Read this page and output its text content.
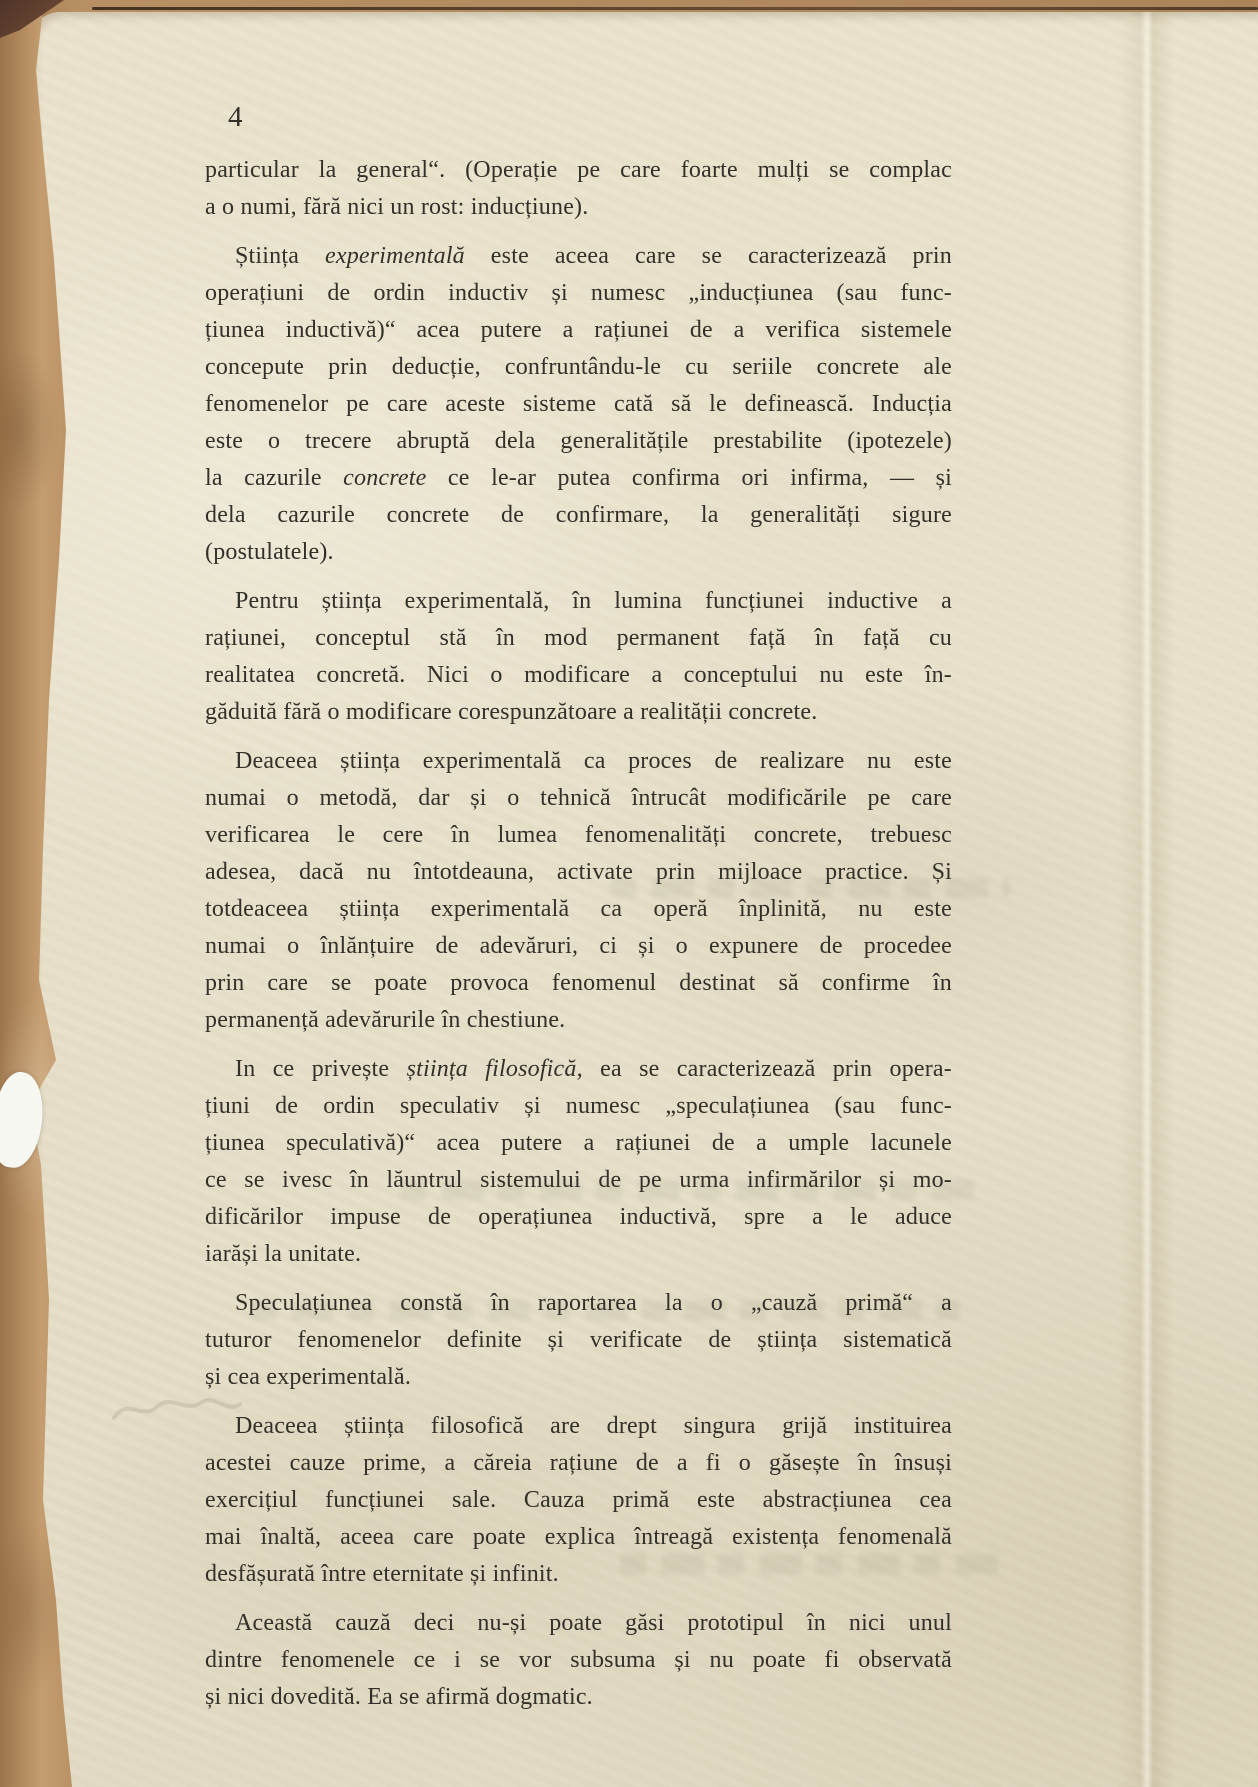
4

particular la general“. (Operație pe care foarte mulți se complac
a o numi, fără nici un rost: inducțiune).

Știința experimentală este aceea care se caracterizează prin
operațiuni de ordin inductiv și numesc „inducțiunea (sau func-
țiunea inductivă)“ acea putere a rațiunei de a verifica sistemele
concepute prin deducție, confruntându-le cu seriile concrete ale
fenomenelor pe care aceste sisteme cată să le definească. Inducția
este o trecere abruptă dela generalitățile prestabilite (ipotezele)
la cazurile concrete ce le-ar putea confirma ori infirma, — și
dela cazurile concrete de confirmare, la generalități sigure
(postulatele).

Pentru știința experimentală, în lumina funcțiunei inductive a
rațiunei, conceptul stă în mod permanent față în față cu
realitatea concretă. Nici o modificare a conceptului nu este în-
găduită fără o modificare corespunzătoare a realității concrete.

Deaceea știința experimentală ca proces de realizare nu este
numai o metodă, dar și o tehnică întrucât modificările pe care
verificarea le cere în lumea fenomenalități concrete, trebuesc
adesea, dacă nu întotdeauna, activate prin mijloace practice. Și
totdeaceea știința experimentală ca operă înplinită, nu este
numai o înlănțuire de adevăruri, ci și o expunere de procedee
prin care se poate provoca fenomenul destinat să confirme în
permanență adevărurile în chestiune.

In ce privește știința filosofică, ea se caracterizează prin opera-
țiuni de ordin speculativ și numesc „speculațiunea (sau func-
țiunea speculativă)“ acea putere a rațiunei de a umple lacunele
ce se ivesc în lăuntrul sistemului de pe urma infirmărilor și mo-
dificărilor impuse de operațiunea inductivă, spre a le aduce
iarăși la unitate.

Speculațiunea constă în raportarea la o „cauză primă“ a
tuturor fenomenelor definite și verificate de știința sistematică
și cea experimentală.

Deaceea știința filosofică are drept singura grijă instituirea
acestei cauze prime, a căreia rațiune de a fi o găsește în însuși
exercițiul funcțiunei sale. Cauza primă este abstracțiunea cea
mai înaltă, aceea care poate explica întreagă existența fenomenală
desfășurată între eternitate și infinit.

Această cauză deci nu-și poate găsi prototipul în nici unul
dintre fenomenele ce i se vor subsuma și nu poate fi observată
și nici dovedită. Ea se afirmă dogmatic.
